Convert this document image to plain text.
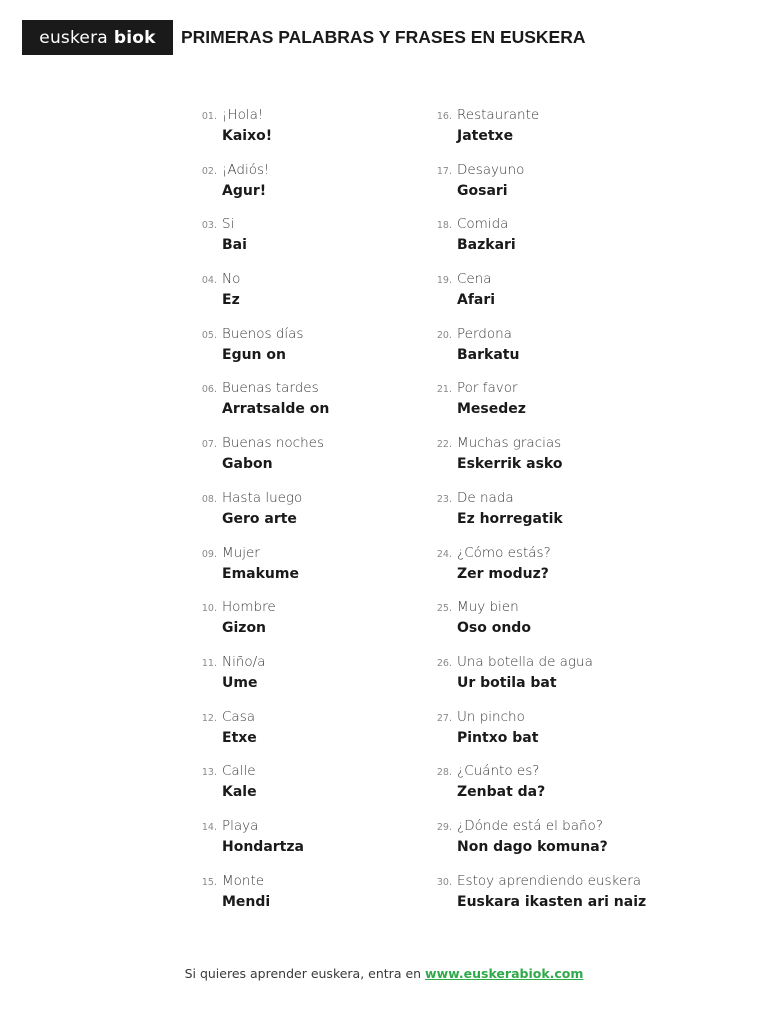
euskera biok PRIMERAS PALABRAS Y FRASES EN EUSKERA
01. ¡Hola!
Kaixo!
02. ¡Adiós!
Agur!
03. Si
Bai
04. No
Ez
05. Buenos días
Egun on
06. Buenas tardes
Arratsalde on
07. Buenas noches
Gabon
08. Hasta luego
Gero arte
09. Mujer
Emakume
10. Hombre
Gizon
11. Niño/a
Ume
12. Casa
Etxe
13. Calle
Kale
14. Playa
Hondartza
15. Monte
Mendi
16. Restaurante
Jatetxe
17. Desayuno
Gosari
18. Comida
Bazkari
19. Cena
Afari
20. Perdona
Barkatu
21. Por favor
Mesedez
22. Muchas gracias
Eskerrik asko
23. De nada
Ez horregatik
24. ¿Cómo estás?
Zer moduz?
25. Muy bien
Oso ondo
26. Una botella de agua
Ur botila bat
27. Un pincho
Pintxo bat
28. ¿Cuánto es?
Zenbat da?
29. ¿Dónde está el baño?
Non dago komuna?
30. Estoy aprendiendo euskera
Euskara ikasten ari naiz
Si quieres aprender euskera, entra en www.euskerabiok.com
